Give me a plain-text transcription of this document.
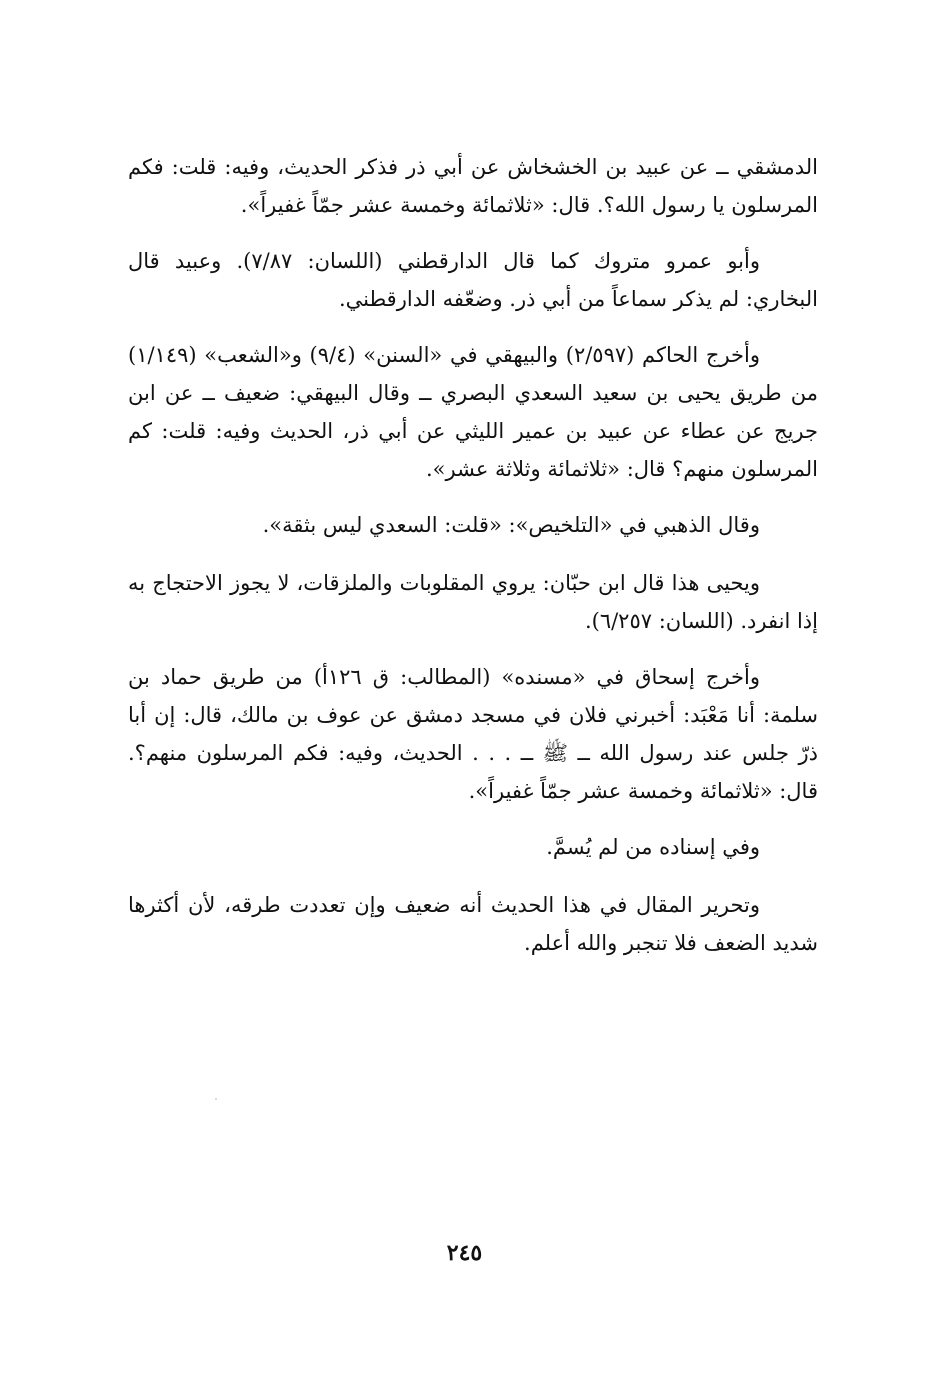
الدمشقي ــ عن عبيد بن الخشخاش عن أبي ذر فذكر الحديث، وفيه: قلت: فكم المرسلون يا رسول الله؟. قال: «ثلاثمائة وخمسة عشر جمّاً غفيراً».

وأبو عمرو متروك كما قال الدارقطني (اللسان: ٧/٨٧). وعبيد قال البخاري: لم يذكر سماعاً من أبي ذر. وضعّفه الدارقطني.

وأخرج الحاكم (٢/٥٩٧) والبيهقي في «السنن» (٩/٤) و«الشعب» (١/١٤٩) من طريق يحيى بن سعيد السعدي البصري ــ وقال البيهقي: ضعيف ــ عن ابن جريج عن عطاء عن عبيد بن عمير الليثي عن أبي ذر، الحديث وفيه: قلت: كم المرسلون منهم؟ قال: «ثلاثمائة وثلاثة عشر».

وقال الذهبي في «التلخيص»: «قلت: السعدي ليس بثقة».

ويحيى هذا قال ابن حبّان: يروي المقلوبات والملزقات، لا يجوز الاحتجاج به إذا انفرد. (اللسان: ٦/٢٥٧).

وأخرج إسحاق في «مسنده» (المطالب: ق ١٢٦أ) من طريق حماد بن سلمة: أنا مَعْبَد: أخبرني فلان في مسجد دمشق عن عوف بن مالك، قال: إن أبا ذرّ جلس عند رسول الله ــ ﷺ ــ . . . الحديث، وفيه: فكم المرسلون منهم؟. قال: «ثلاثمائة وخمسة عشر جمّاً غفيراً».

وفي إسناده من لم يُسمَّ.

وتحرير المقال في هذا الحديث أنه ضعيف وإن تعددت طرقه، لأن أكثرها شديد الضعف فلا تنجبر والله أعلم.

٢٤٥
